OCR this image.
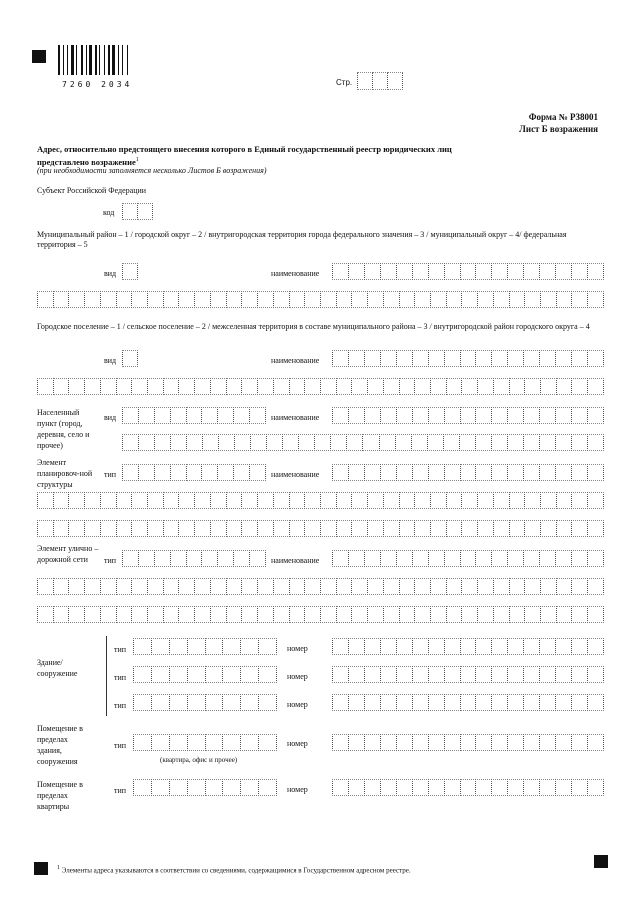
7260 2034	Стр.
Форма № Р38001
Лист Б возражения
Адрес, относительно предстоящего внесения которого в Единый государственный реестр юридических лиц
представлено возражение$^1$
(при необходимости заполняется несколько Листов Б возражения)
Субъект Российской Федерации
код
Муниципальный район – 1 / городской округ – 2 / внутригородская территория города федерального значения – 3 / муниципальный округ – 4/ федеральная территория – 5
вид	наименование
Городское поселение – 1 / сельское поселение – 2 / межселенная территория в составе муниципального района – 3 / внутригородской район городского округа – 4
вид	наименование
Населенный пункт (город, деревня, село и прочее)
вид	наименование
Элемент планировоч-ной структуры
тип	наименование
Элемент улично – дорожной сети	тип	наименование
Здание/ сооружение
тип	номер
тип	номер
тип	номер
Помещение в пределах здания, сооружения
тип	номер
(квартира, офис и прочее)
Помещение в пределах квартиры
тип	номер
$^1$ Элементы адреса указываются в соответствии со сведениями, содержащимися в Государственном адресном реестре.
